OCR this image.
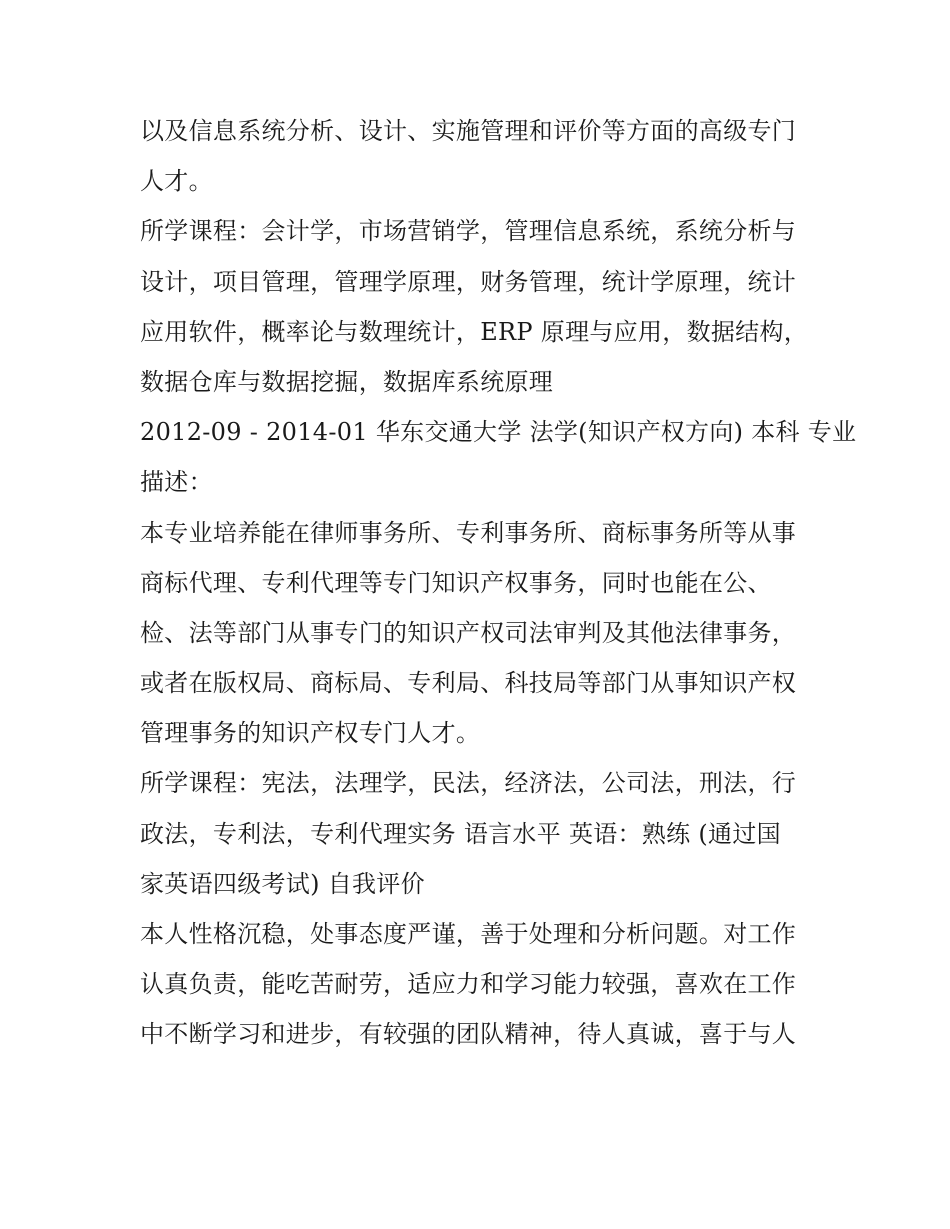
以及信息系统分析、设计、实施管理和评价等方面的高级专门
人才。
所学课程：会计学，市场营销学，管理信息系统，系统分析与
设计，项目管理，管理学原理，财务管理，统计学原理，统计
应用软件，概率论与数理统计，ERP 原理与应用，数据结构，
数据仓库与数据挖掘，数据库系统原理
2012-09 - 2014-01 华东交通大学 法学(知识产权方向) 本科 专业
描述：
本专业培养能在律师事务所、专利事务所、商标事务所等从事
商标代理、专利代理等专门知识产权事务，同时也能在公、
检、法等部门从事专门的知识产权司法审判及其他法律事务，
或者在版权局、商标局、专利局、科技局等部门从事知识产权
管理事务的知识产权专门人才。
所学课程：宪法，法理学，民法，经济法，公司法，刑法，行
政法，专利法，专利代理实务 语言水平 英语：熟练 (通过国
家英语四级考试) 自我评价
本人性格沉稳，处事态度严谨，善于处理和分析问题。对工作
认真负责，能吃苦耐劳，适应力和学习能力较强，喜欢在工作
中不断学习和进步，有较强的团队精神，待人真诚，喜于与人
